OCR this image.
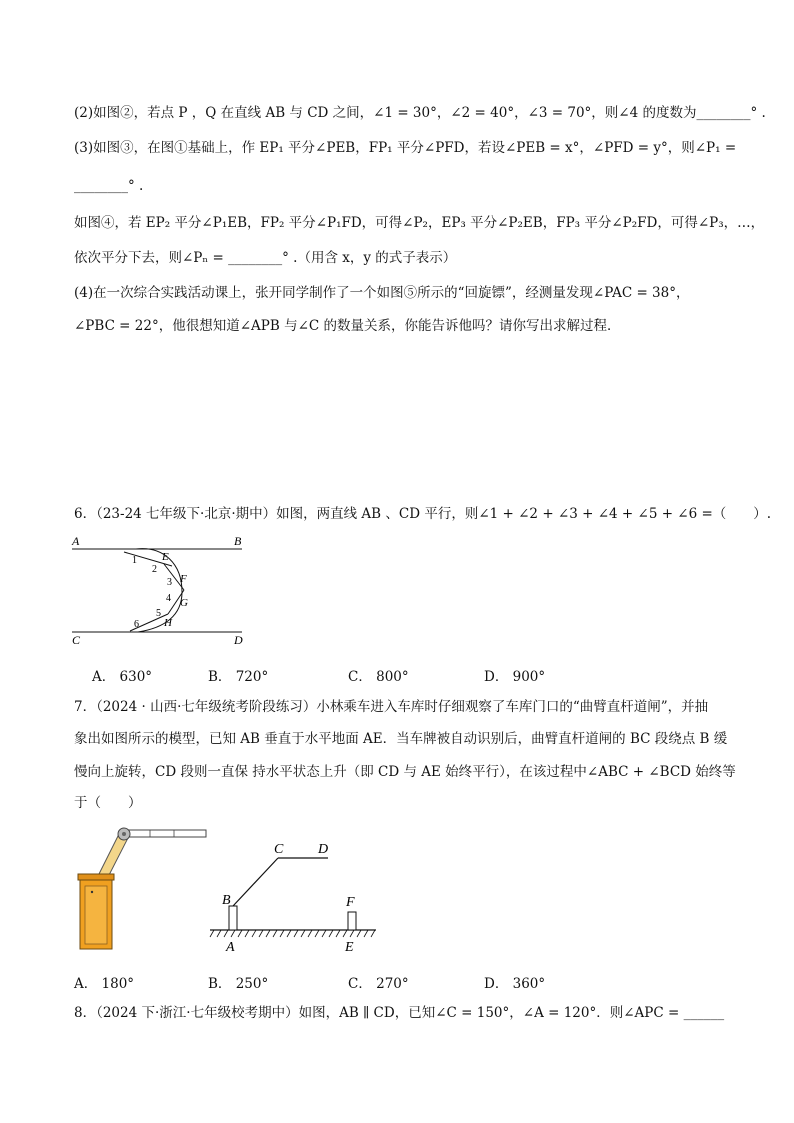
(2)如图②，若点 P ，Q 在直线 AB 与 CD 之间，∠1 = 30°，∠2 = 40°，∠3 = 70°，则∠4 的度数为________° .
(3)如图③，在图①基础上，作 EP₁ 平分∠PEB，FP₁ 平分∠PFD，若设∠PEB = x°，∠PFD = y°，则∠P₁ =
________° .
如图④，若 EP₂ 平分∠P₁EB，FP₂ 平分∠P₁FD，可得∠P₂，EP₃ 平分∠P₂EB，FP₃ 平分∠P₂FD，可得∠P₃，…，
依次平分下去，则∠Pₙ = ________° .（用含 x，y 的式子表示）
(4)在一次综合实践活动课上，张开同学制作了一个如图⑤所示的“回旋镖”，经测量发现∠PAC = 38°，
∠PBC = 22°，他很想知道∠APB 与∠C 的数量关系，你能告诉他吗？请你写出求解过程．
6．（23-24 七年级下·北京·期中）如图，两直线 AB 、CD 平行，则∠1 + ∠2 + ∠3 + ∠4 + ∠5 + ∠6 =（　　）.
A	B
C	D
E
F
G
H
1
2
3
4
5
6
A． 630°	B． 720°	C． 800°	D． 900°
7．（2024 · 山西·七年级统考阶段练习）小林乘车进入车库时仔细观察了车库门口的“曲臂直杆道闸”，并抽
象出如图所示的模型，已知 AB 垂直于水平地面 AE．当车牌被自动识别后，曲臂直杆道闸的 BC 段绕点 B 缓
慢向上旋转，CD 段则一直保 持水平状态上升（即 CD 与 AE 始终平行），在该过程中∠ABC + ∠BCD 始终等
于（　　）
C D
B	F
A	E
A． 180°	B． 250°	C． 270°	D． 360°
8．（2024 下·浙江·七年级校考期中）如图，AB ∥ CD，已知∠C = 150°，∠A = 120°．则∠APC = ______
